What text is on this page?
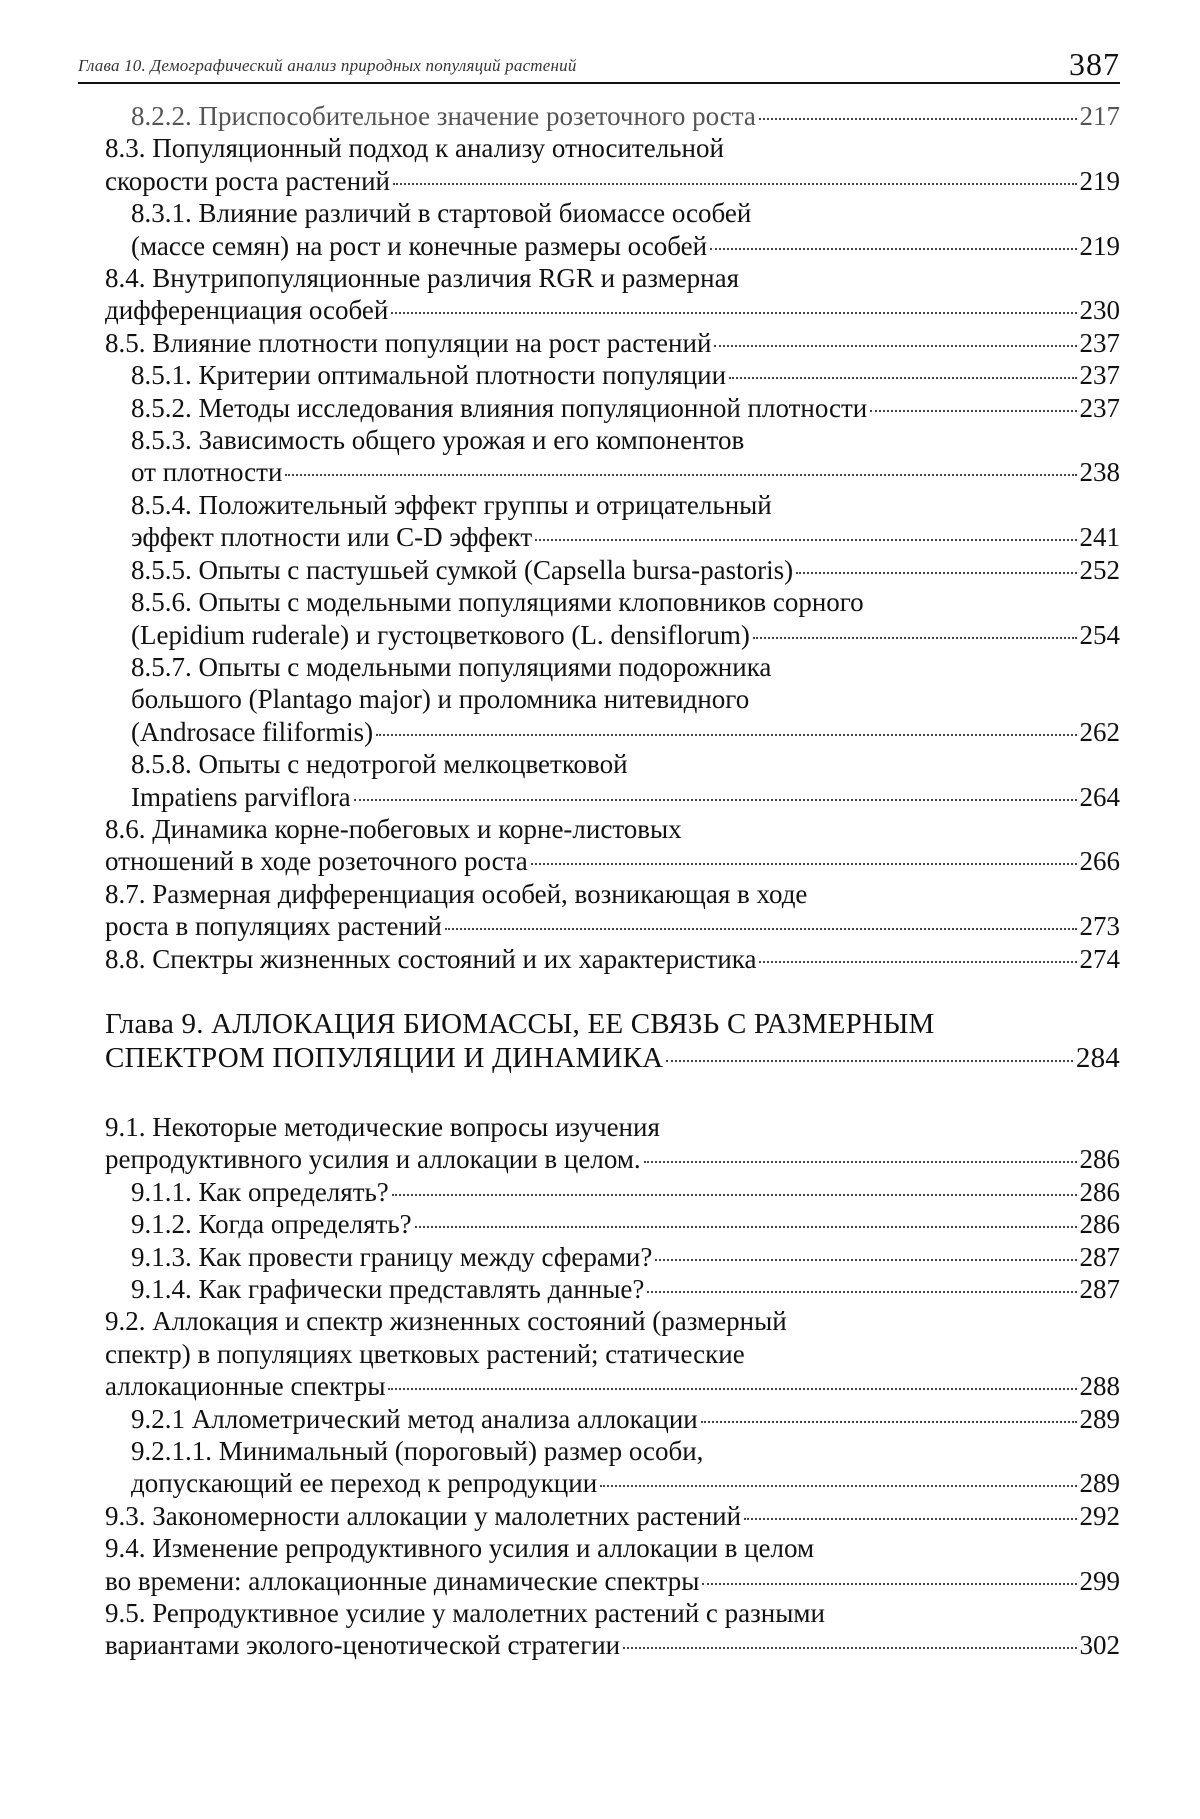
Глава 10. Демографический анализ природных популяций растений	387
8.2.2. Приспособительное значение розеточного роста	217
8.3. Популяционный подход к анализу относительной
скорости роста растений	219
8.3.1. Влияние различий в стартовой биомассе особей
(массе семян) на рост и конечные размеры особей	219
8.4. Внутрипопуляционные различия RGR и размерная
дифференциация особей	230
8.5. Влияние плотности популяции на рост растений	237
8.5.1. Критерии оптимальной плотности популяции	237
8.5.2. Методы исследования влияния популяционной плотности	237
8.5.3. Зависимость общего урожая и его компонентов
от плотности	238
8.5.4. Положительный эффект группы и отрицательный
эффект плотности или C-D эффект	241
8.5.5. Опыты с пастушьей сумкой (Capsella bursa-pastoris)	252
8.5.6. Опыты с модельными популяциями клоповников сорного
(Lepidium ruderale) и густоцветкового (L. densiflorum)	254
8.5.7. Опыты с модельными популяциями подорожника
большого (Plantago major) и проломника нитевидного
(Androsace filiformis)	262
8.5.8. Опыты с недотрогой мелкоцветковой
Impatiens parviflora	264
8.6. Динамика корне-побеговых и корне-листовых
отношений в ходе розеточного роста	266
8.7. Размерная дифференциация особей, возникающая в ходе
роста в популяциях растений	273
8.8. Спектры жизненных состояний и их характеристика	274
Глава 9. АЛЛОКАЦИЯ БИОМАССЫ, ЕЕ СВЯЗЬ С РАЗМЕРНЫМ
СПЕКТРОМ ПОПУЛЯЦИИ И ДИНАМИКА	284
9.1. Некоторые методические вопросы изучения
репродуктивного усилия и аллокации в целом.	286
9.1.1. Как определять?	286
9.1.2. Когда определять?	286
9.1.3. Как провести границу между сферами?	287
9.1.4. Как графически представлять данные?	287
9.2. Аллокация и спектр жизненных состояний (размерный
спектр) в популяциях цветковых растений; статические
аллокационные спектры	288
9.2.1 Аллометрический метод анализа аллокации	289
9.2.1.1. Минимальный (пороговый) размер особи,
допускающий ее переход к репродукции	289
9.3. Закономерности аллокации у малолетних растений	292
9.4. Изменение репродуктивного усилия и аллокации в целом
во времени: аллокационные динамические спектры	299
9.5. Репродуктивное усилие у малолетних растений с разными
вариантами эколого-ценотической стратегии	302
